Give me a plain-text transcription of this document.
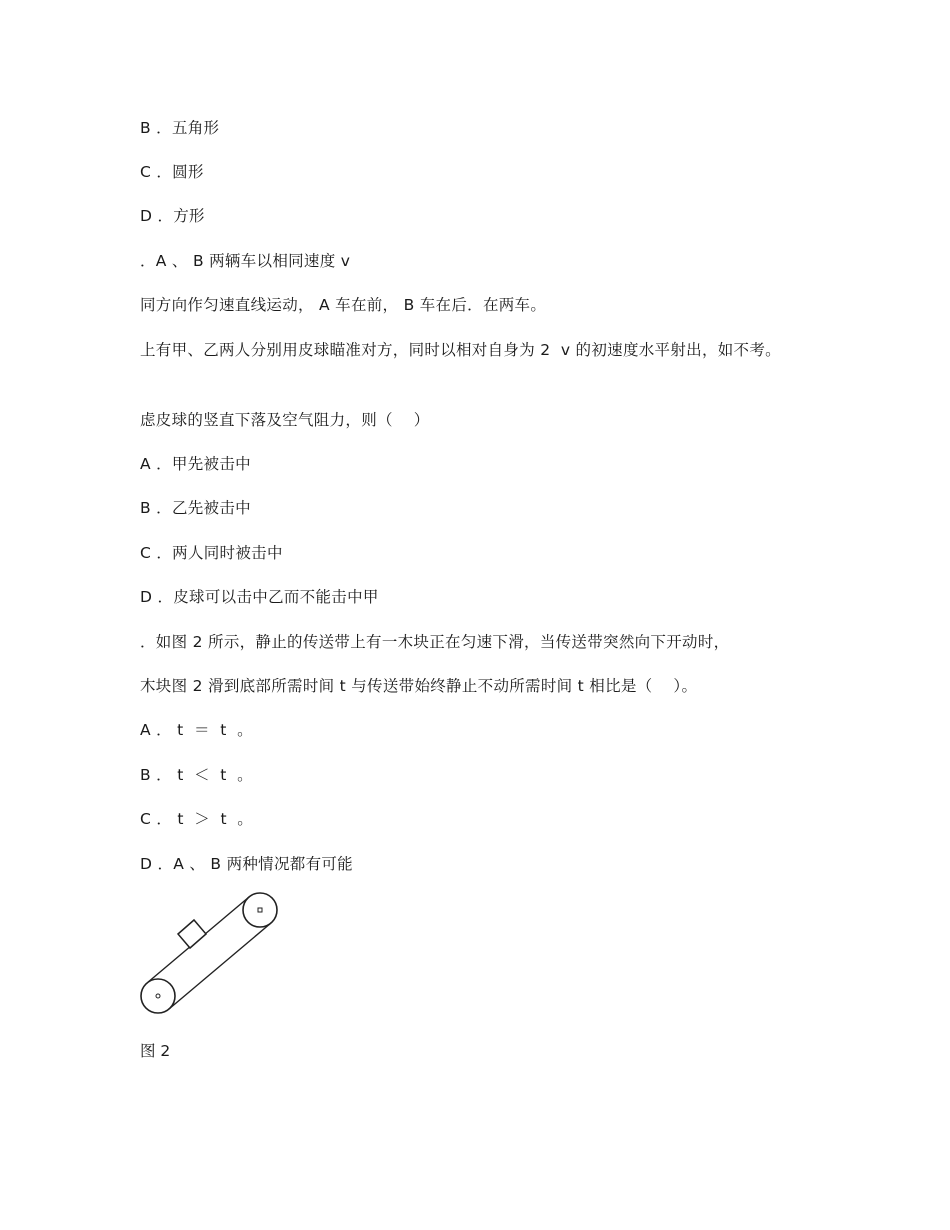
B ．五角形
C ．圆形
D ．方形
．A 、 B 两辆车以相同速度 v
同方向作匀速直线运动， A 车在前， B 车在后．在两车。
上有甲、乙两人分别用皮球瞄准对方，同时以相对自身为 2  v 的初速度水平射出，如不考。
虑皮球的竖直下落及空气阻力，则（    ）
A ．甲先被击中
B ．乙先被击中
C ．两人同时被击中
D ．皮球可以击中乙而不能击中甲
．如图 2 所示，静止的传送带上有一木块正在匀速下滑，当传送带突然向下开动时，
木块图 2 滑到底部所需时间 t 与传送带始终静止不动所需时间 t 相比是（    ）。
A ． t  ＝  t  。
B ． t  ＜  t  。
C ． t  ＞  t  。
D ．A 、 B 两种情况都有可能
图 2
